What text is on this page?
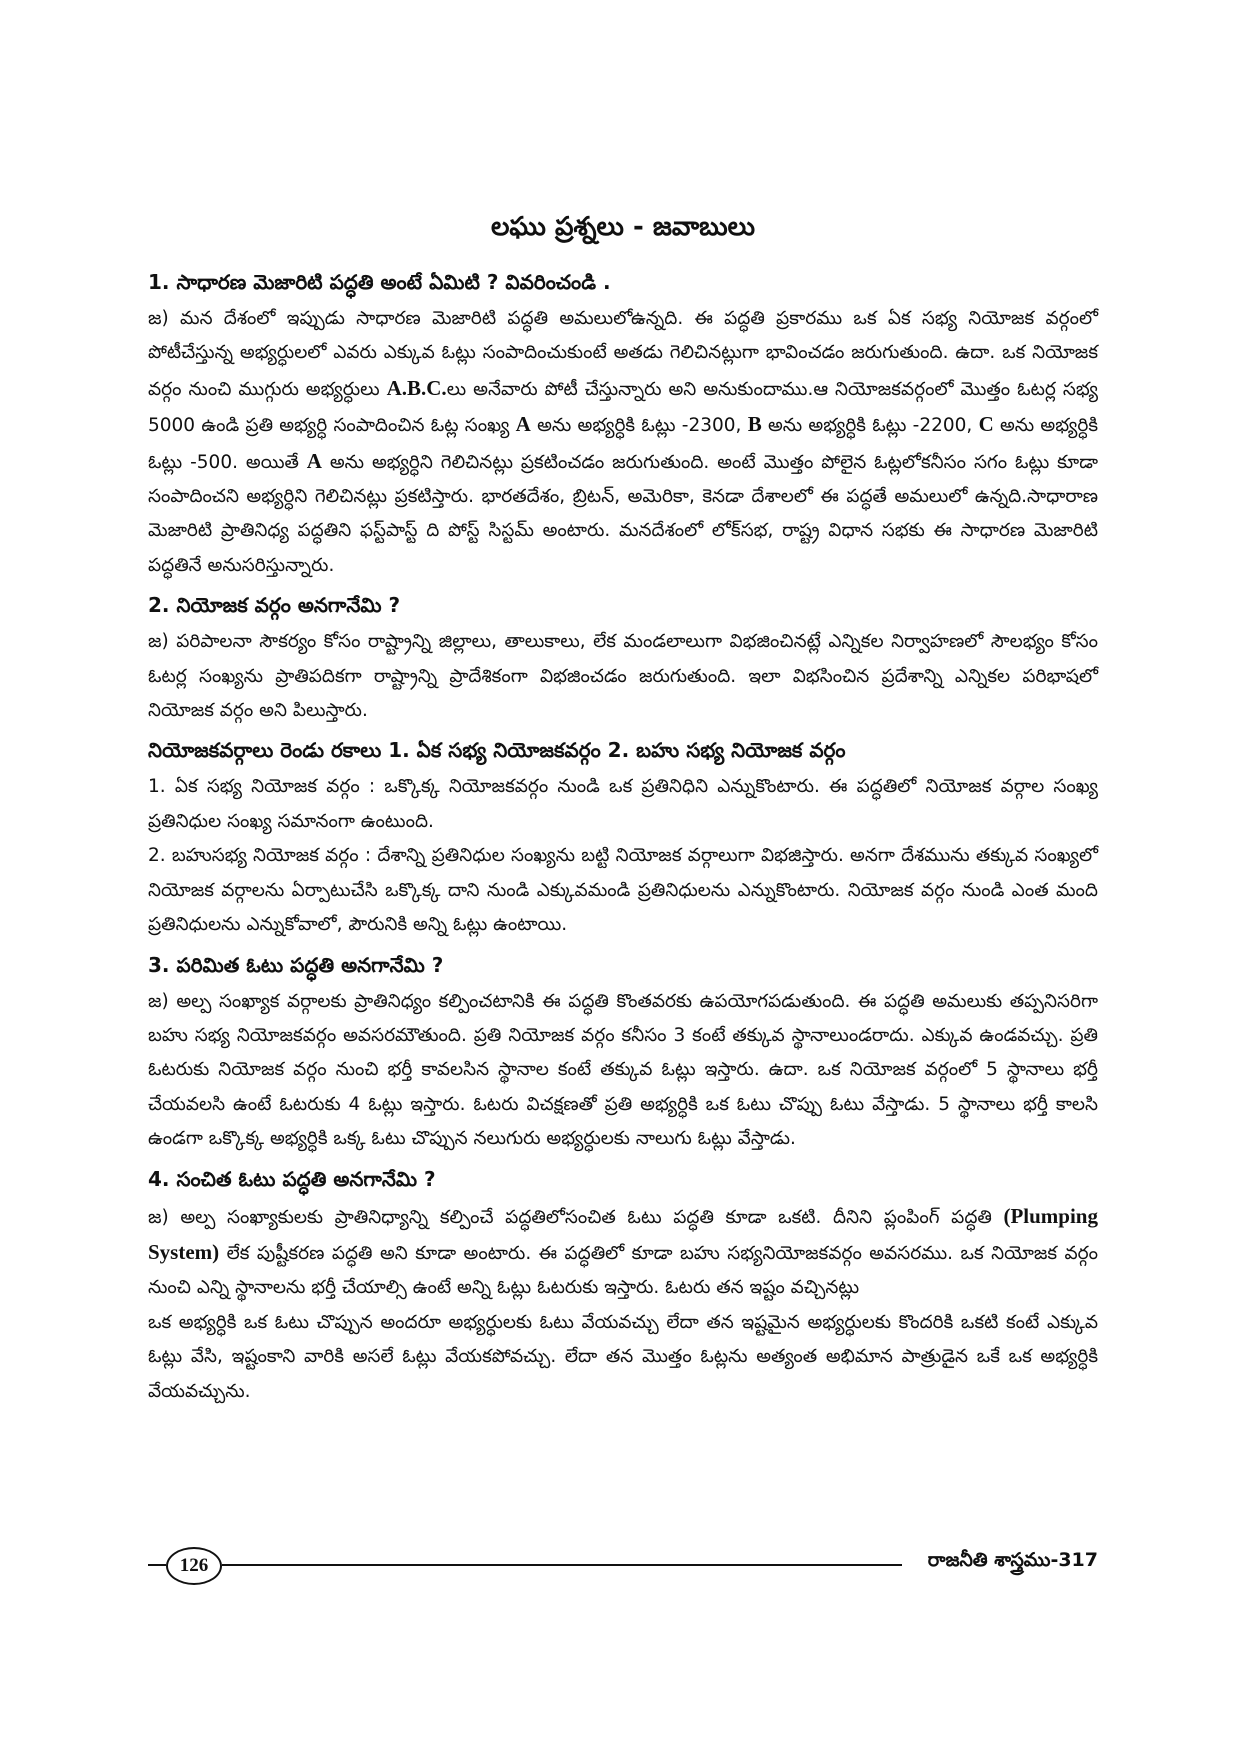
లఘు ప్రశ్నలు - జవాబులు
1. సాధారణ మెజారిటి పద్ధతి అంటే ఏమిటి ? వివరించండి .

జ) మన దేశంలో ఇప్పుడు సాధారణ మెజారిటి పద్ధతి అమలులోఉన్నది. ఈ పద్ధతి ప్రకారము ఒక ఏక సభ్య నియోజక వర్గంలో పోటీచేస్తున్న అభ్యర్ధులలో ఎవరు ఎక్కువ ఓట్లు సంపాదించుకుంటే అతడు గెలిచినట్లుగా భావించడం జరుగుతుంది. ఉదా. ఒక నియోజక వర్గం నుంచి ముగ్గురు అభ్యర్ధులు A.B.C.లు అనేవారు పోటీ చేస్తున్నారు అని అనుకుందాము.ఆ నియోజకవర్గంలో మొత్తం ఓటర్ల సభ్య 5000 ఉండి ప్రతి అభ్యర్ధి సంపాదించిన ఓట్ల సంఖ్య A అను అభ్యర్ధికి ఓట్లు -2300, B అను అభ్యర్ధికి ఓట్లు -2200, C అను అభ్యర్ధికి ఓట్లు -500. అయితే A అను అభ్యర్ధిని గెలిచినట్లు ప్రకటించడం జరుగుతుంది. అంటే మొత్తం పోలైన ఓట్లలోకనీసం సగం ఓట్లు కూడా సంపాదించని అభ్యర్ధిని గెలిచినట్లు ప్రకటిస్తారు. భారతదేశం, బ్రిటన్, అమెరికా, కెనడా దేశాలలో ఈ పద్ధతే అమలులో ఉన్నది.సాధారాణ మెజారిటి ప్రాతినిధ్య పద్ధతిని ఫస్ట్‌పాస్ట్ ది పోస్ట్ సిస్టమ్ అంటారు. మనదేశంలో లోక్‌సభ, రాష్ట్ర విధాన సభకు ఈ సాధారణ మెజారిటి పద్ధతినే అనుసరిస్తున్నారు.

2. నియోజక వర్గం అనగానేమి ?

జ) పరిపాలనా సౌకర్యం కోసం రాష్ట్రాన్ని జిల్లాలు, తాలుకాలు, లేక మండలాలుగా విభజించినట్లే ఎన్నికల నిర్వాహణలో సౌలభ్యం కోసం ఓటర్ల సంఖ్యను ప్రాతిపదికగా రాష్ట్రాన్ని ప్రాదేశికంగా విభజించడం జరుగుతుంది. ఇలా విభసించిన ప్రదేశాన్ని ఎన్నికల పరిభాషలో నియోజక వర్గం అని పిలుస్తారు.

నియోజకవర్గాలు రెండు రకాలు 1. ఏక సభ్య నియోజకవర్గం 2. బహు సభ్య నియోజక వర్గం

1. ఏక సభ్య నియోజక వర్గం : ఒక్కొక్క నియోజకవర్గం నుండి ఒక ప్రతినిధిని ఎన్నుకొంటారు. ఈ పద్ధతిలో నియోజక వర్గాల సంఖ్య ప్రతినిధుల సంఖ్య సమానంగా ఉంటుంది.

2. బహుసభ్య నియోజక వర్గం : దేశాన్ని ప్రతినిధుల సంఖ్యను బట్టి నియోజక వర్గాలుగా విభజిస్తారు. అనగా దేశమును తక్కువ సంఖ్యలో నియోజక వర్గాలను ఏర్పాటుచేసి ఒక్కొక్క దాని నుండి ఎక్కువమండి ప్రతినిధులను ఎన్నుకొంటారు. నియోజక వర్గం నుండి ఎంత మంది ప్రతినిధులను ఎన్నుకోవాలో, పౌరునికి అన్ని ఓట్లు ఉంటాయి.

3. పరిమిత ఓటు పద్ధతి అనగానేమి ?

జ) అల్ప సంఖ్యాక వర్గాలకు ప్రాతినిధ్యం కల్పించటానికి ఈ పద్ధతి కొంతవరకు ఉపయోగపడుతుంది. ఈ పద్ధతి అమలుకు తప్పనిసరిగా బహు సభ్య నియోజకవర్గం అవసరమౌతుంది. ప్రతి నియోజక వర్గం కనీసం 3 కంటే తక్కువ స్థానాలుండరాదు. ఎక్కువ ఉండవచ్చు. ప్రతి ఓటరుకు నియోజక వర్గం నుంచి భర్తీ కావలసిన స్థానాల కంటే తక్కువ ఓట్లు ఇస్తారు. ఉదా. ఒక నియోజక వర్గంలో 5 స్థానాలు భర్తీ చేయవలసి ఉంటే ఓటరుకు 4 ఓట్లు ఇస్తారు. ఓటరు విచక్షణతో ప్రతి అభ్యర్ధికి ఒక ఓటు చొప్పు ఓటు వేస్తాడు. 5 స్థానాలు భర్తీ కాలసి ఉండగా ఒక్కొక్క అభ్యర్ధికి ఒక్క ఓటు చొప్పున నలుగురు అభ్యర్ధులకు నాలుగు ఓట్లు వేస్తాడు.

4. సంచిత ఓటు పద్ధతి అనగానేమి ?

జ) అల్ప సంఖ్యాకులకు ప్రాతినిధ్యాన్ని కల్పించే పద్ధతిలోసంచిత ఓటు పద్ధతి కూడా ఒకటి. దీనిని ప్లంపింగ్ పద్ధతి (Plumping System) లేక పుష్టీకరణ పద్ధతి అని కూడా అంటారు. ఈ పద్ధతిలో కూడా బహు సభ్యనియోజకవర్గం అవసరము. ఒక నియోజక వర్గం నుంచి ఎన్ని స్థానాలను భర్తీ చేయాల్సి ఉంటే అన్ని ఓట్లు ఓటరుకు ఇస్తారు. ఓటరు తన ఇష్టం వచ్చినట్లు

ఒక అభ్యర్ధికి ఒక ఓటు చొప్పున అందరూ అభ్యర్ధులకు ఓటు వేయవచ్చు లేదా తన ఇష్టమైన అభ్యర్ధులకు కొందరికి ఒకటి కంటే ఎక్కువ ఓట్లు వేసి, ఇష్టంకాని వారికి అసలే ఓట్లు వేయకపోవచ్చు. లేదా తన మొత్తం ఓట్లను అత్యంత అభిమాన పాత్రుడైన ఒకే ఒక అభ్యర్ధికి వేయవచ్చును.

126	రాజనీతి శాస్త్రము-317
